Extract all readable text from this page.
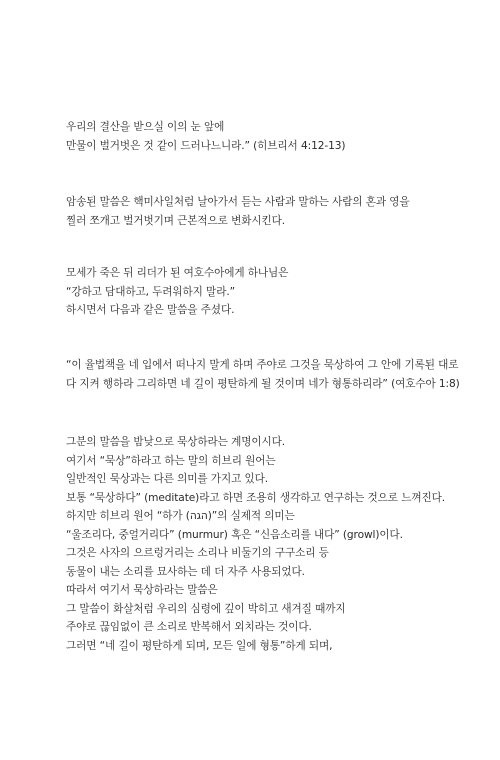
우리의 결산을 받으실 이의 눈 앞에
만물이 벌거벗은 것 같이 드러나느니라.” (히브리서 4:12-13)
암송된 말씀은 핵미사일처럼 날아가서 듣는 사람과 말하는 사람의 혼과 영을
찔러 쪼개고 벌거벗기며 근본적으로 변화시킨다.
모세가 죽은 뒤 리더가 된 여호수아에게 하나님은
“강하고 담대하고, 두려워하지 말라.”
하시면서 다음과 같은 말씀을 주셨다.
“이 율법책을 네 입에서 떠나지 말게 하며 주야로 그것을 묵상하여 그 안에 기록된 대로
다 지켜 행하라 그리하면 네 길이 평탄하게 될 것이며 네가 형통하리라” (여호수아 1:8)
그분의 말씀을 밤낮으로 묵상하라는 계명이시다.
여기서 “묵상”하라고 하는 말의 히브리 원어는
일반적인 묵상과는 다른 의미를 가지고 있다.
보통 “묵상하다” (meditate)라고 하면 조용히 생각하고 연구하는 것으로 느껴진다.
하지만 히브리 원어 “하가 (הגה)”의 실제적 의미는
“울조리다, 중얼거리다” (murmur) 혹은 “신음소리를 내다” (growl)이다.
그것은 사자의 으르렁거리는 소리나 비둘기의 구구소리 등
동물이 내는 소리를 묘사하는 데 더 자주 사용되었다.
따라서 여기서 묵상하라는 말씀은
그 말씀이 화살처럼 우리의 심령에 깊이 박히고 새겨질 때까지
주야로 끊임없이 큰 소리로 반복해서 외치라는 것이다.
그러면 “네 길이 평탄하게 되며, 모든 일에 형통”하게 되며,
